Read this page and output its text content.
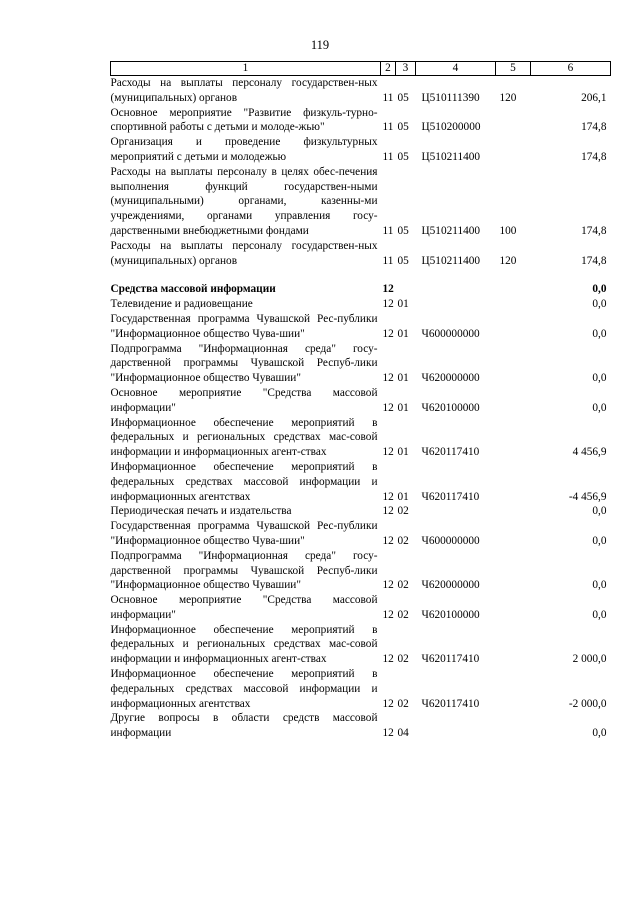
119
1	2	3	4	5	6
Расходы на выплаты персоналу государствен-ных (муниципальных) органов	11	05	Ц510111390	120	206,1
Основное мероприятие "Развитие физкуль-турно-спортивной работы с детьми и молоде-жью"	11	05	Ц510200000		174,8
Организация и проведение физкультурных мероприятий с детьми и молодежью	11	05	Ц510211400		174,8
Расходы на выплаты персоналу в целях обес-печения выполнения функций государствен-ными (муниципальными) органами, казенны-ми учреждениями, органами управления госу-дарственными внебюджетными фондами	11	05	Ц510211400	100	174,8
Расходы на выплаты персоналу государствен-ных (муниципальных) органов	11	05	Ц510211400	120	174,8

Средства массовой информации	12				0,0
Телевидение и радиовещание	12	01			0,0
Государственная программа Чувашской Рес-публики "Информационное общество Чува-шии"	12	01	Ч600000000		0,0
Подпрограмма "Информационная среда" госу-дарственной программы Чувашской Респуб-лики "Информационное общество Чувашии"	12	01	Ч620000000		0,0
Основное мероприятие "Средства массовой информации"	12	01	Ч620100000		0,0
Информационное обеспечение мероприятий в федеральных и региональных средствах мас-совой информации и информационных агент-ствах	12	01	Ч620117410		4 456,9
Информационное обеспечение мероприятий в федеральных средствах массовой информации и информационных агентствах	12	01	Ч620117410		-4 456,9
Периодическая печать и издательства	12	02			0,0
Государственная программа Чувашской Рес-публики "Информационное общество Чува-шии"	12	02	Ч600000000		0,0
Подпрограмма "Информационная среда" госу-дарственной программы Чувашской Респуб-лики "Информационное общество Чувашии"	12	02	Ч620000000		0,0
Основное мероприятие "Средства массовой информации"	12	02	Ч620100000		0,0
Информационное обеспечение мероприятий в федеральных и региональных средствах мас-совой информации и информационных агент-ствах	12	02	Ч620117410		2 000,0
Информационное обеспечение мероприятий в федеральных средствах массовой информации и информационных агентствах	12	02	Ч620117410		-2 000,0
Другие вопросы в области средств массовой информации	12	04			0,0
